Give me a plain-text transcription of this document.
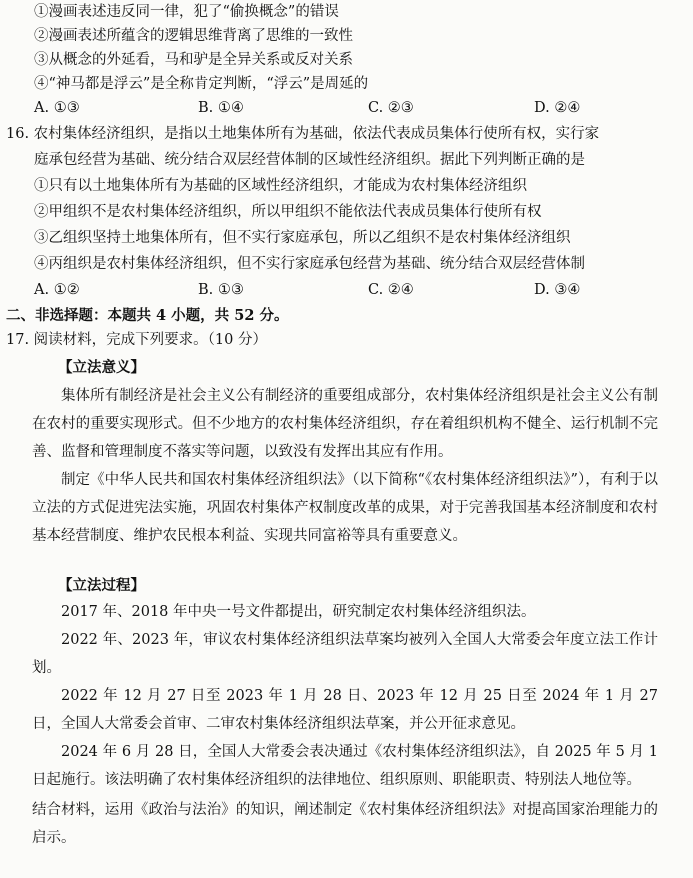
①漫画表述违反同一律，犯了“偷换概念”的错误
②漫画表述所蕴含的逻辑思维背离了思维的一致性
③从概念的外延看，马和驴是全异关系或反对关系
④“神马都是浮云”是全称肯定判断，“浮云”是周延的
A. ①③	B. ①④	C. ②③	D. ②④
16. 农村集体经济组织，是指以土地集体所有为基础，依法代表成员集体行使所有权，实行家
庭承包经营为基础、统分结合双层经营体制的区域性经济组织。据此下列判断正确的是
①只有以土地集体所有为基础的区域性经济组织，才能成为农村集体经济组织
②甲组织不是农村集体经济组织，所以甲组织不能依法代表成员集体行使所有权
③乙组织坚持土地集体所有，但不实行家庭承包，所以乙组织不是农村集体经济组织
④丙组织是农村集体经济组织，但不实行家庭承包经营为基础、统分结合双层经营体制
A. ①②	B. ①③	C. ②④	D. ③④
二、非选择题：本题共 4 小题，共 52 分。
17. 阅读材料，完成下列要求。（10 分）
【立法意义】
集体所有制经济是社会主义公有制经济的重要组成部分，农村集体经济组织是社会主义公有制在农村的重要实现形式。但不少地方的农村集体经济组织，存在着组织机构不健全、运行机制不完善、监督和管理制度不落实等问题，以致没有发挥出其应有作用。
制定《中华人民共和国农村集体经济组织法》（以下简称“《农村集体经济组织法》”），有利于以立法的方式促进宪法实施，巩固农村集体产权制度改革的成果，对于完善我国基本经济制度和农村基本经营制度、维护农民根本利益、实现共同富裕等具有重要意义。
【立法过程】
2017 年、2018 年中央一号文件都提出，研究制定农村集体经济组织法。
2022 年、2023 年，审议农村集体经济组织法草案均被列入全国人大常委会年度立法工作计划。
2022 年 12 月 27 日至 2023 年 1 月 28 日、2023 年 12 月 25 日至 2024 年 1 月 27 日，全国人大常委会首审、二审农村集体经济组织法草案，并公开征求意见。
2024 年 6 月 28 日，全国人大常委会表决通过《农村集体经济组织法》，自 2025 年 5 月 1 日起施行。该法明确了农村集体经济组织的法律地位、组织原则、职能职责、特别法人地位等。
结合材料，运用《政治与法治》的知识，阐述制定《农村集体经济组织法》对提高国家治理能力的启示。
